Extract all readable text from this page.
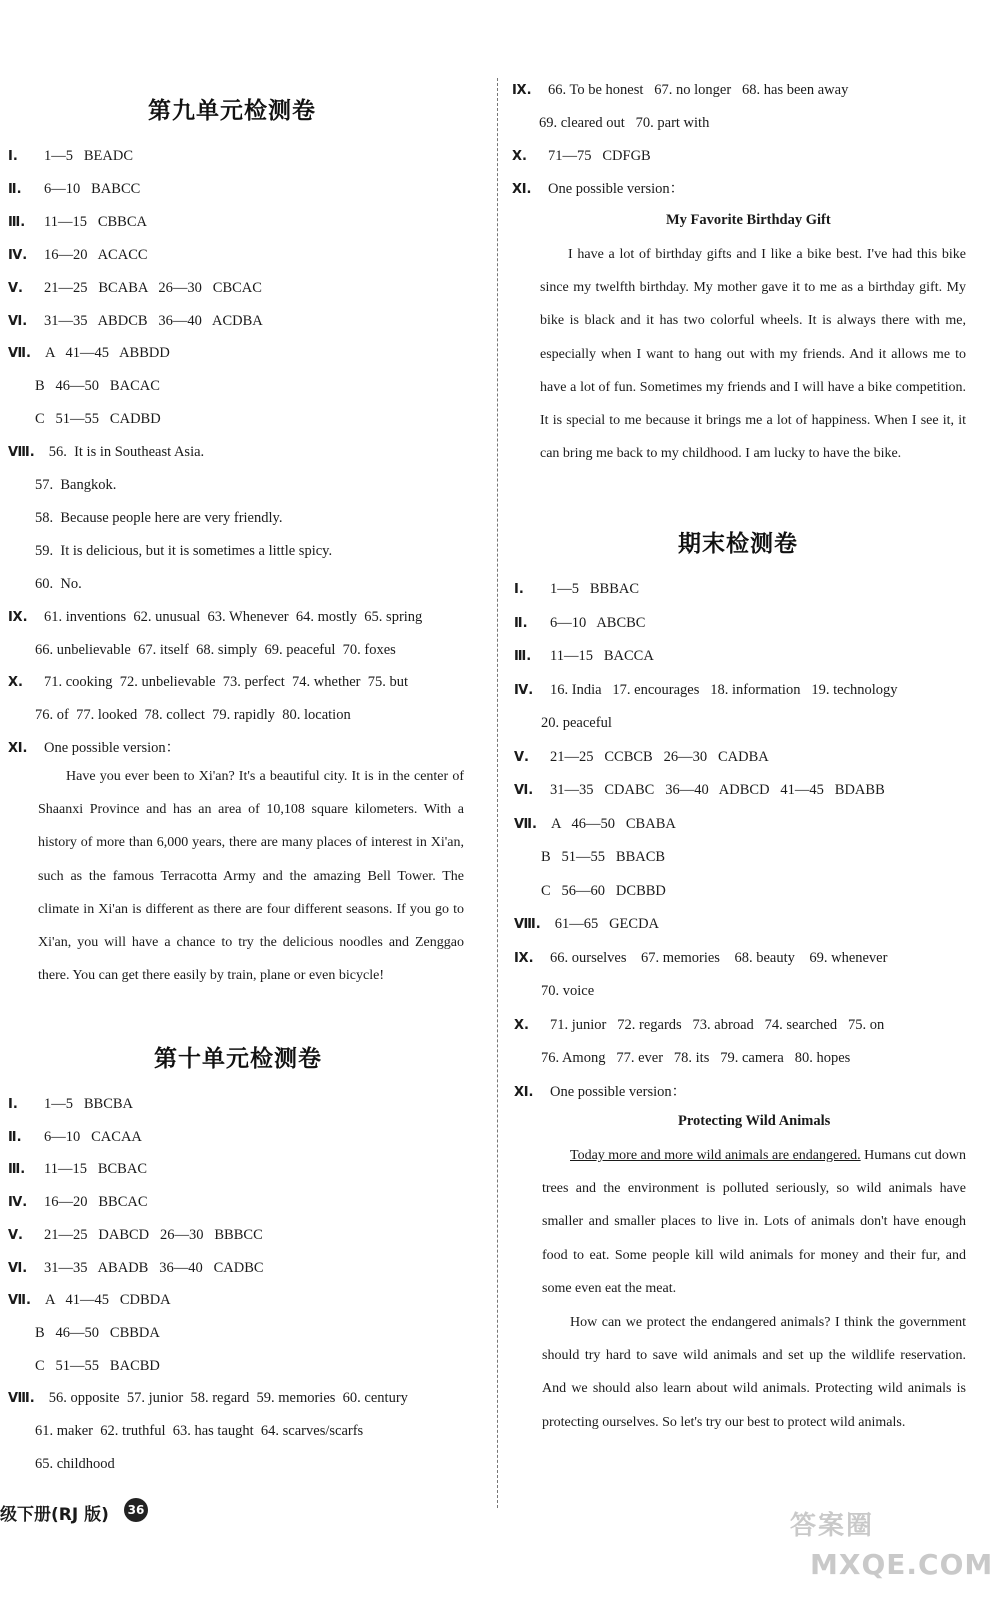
第九单元检测卷
Ⅰ. 1—5   BEADC
Ⅱ. 6—10   BABCC
Ⅲ. 11—15   CBBCA
Ⅳ. 16—20   ACACC
Ⅴ. 21—25   BCABA   26—30   CBCAC
Ⅵ. 31—35   ABDCB   36—40   ACDBA
Ⅶ. A   41—45   ABBDD
B   46—50   BACAC
C   51—55   CADBD
Ⅷ. 56.  It is in Southeast Asia.
57.  Bangkok.
58.  Because people here are very friendly.
59.  It is delicious, but it is sometimes a little spicy.
60.  No.
Ⅸ. 61. inventions  62. unusual  63. Whenever  64. mostly  65. spring
66. unbelievable  67. itself  68. simply  69. peaceful  70. foxes
Ⅹ. 71. cooking  72. unbelievable  73. perfect  74. whether  75. but
76. of  77. looked  78. collect  79. rapidly  80. location
Ⅺ. One possible version：
Have you ever been to Xi'an? It's a beautiful city. It is in the center of Shaanxi Province and has an area of 10,108 square kilometers. With a history of more than 6,000 years, there are many places of interest in Xi'an, such as the famous Terracotta Army and the amazing Bell Tower. The climate in Xi'an is different as there are four different seasons. If you go to Xi'an, you will have a chance to try the delicious noodles and Zenggao there. You can get there easily by train, plane or even bicycle!
第十单元检测卷
Ⅰ. 1—5   BBCBA
Ⅱ. 6—10   CACAA
Ⅲ. 11—15   BCBAC
Ⅳ. 16—20   BBCAC
Ⅴ. 21—25   DABCD   26—30   BBBCC
Ⅵ. 31—35   ABADB   36—40   CADBC
Ⅶ. A   41—45   CDBDA
B   46—50   CBBDA
C   51—55   BACBD
Ⅷ. 56. opposite  57. junior  58. regard  59. memories  60. century
61. maker  62. truthful  63. has taught  64. scarves/scarfs
65. childhood
Ⅸ. 66. To be honest   67. no longer   68. has been away
69. cleared out   70. part with
Ⅹ. 71—75   CDFGB
Ⅺ. One possible version：
My Favorite Birthday Gift
I have a lot of birthday gifts and I like a bike best. I've had this bike since my twelfth birthday. My mother gave it to me as a birthday gift. My bike is black and it has two colorful wheels. It is always there with me, especially when I want to hang out with my friends. And it allows me to have a lot of fun. Sometimes my friends and I will have a bike competition. It is special to me because it brings me a lot of happiness. When I see it, it can bring me back to my childhood. I am lucky to have the bike.
期末检测卷
Ⅰ. 1—5   BBBAC
Ⅱ. 6—10   ABCBC
Ⅲ. 11—15   BACCA
Ⅳ. 16. India   17. encourages   18. information   19. technology
20. peaceful
Ⅴ. 21—25   CCBCB   26—30   CADBA
Ⅵ. 31—35   CDABC   36—40   ADBCD   41—45   BDABB
Ⅶ. A   46—50   CBABA
B   51—55   BBACB
C   56—60   DCBBD
Ⅷ. 61—65   GECDA
Ⅸ. 66. ourselves    67. memories    68. beauty    69. whenever
70. voice
Ⅹ. 71. junior   72. regards   73. abroad   74. searched   75. on
76. Among   77. ever   78. its   79. camera   80. hopes
Ⅺ. One possible version：
Protecting Wild Animals
Today more and more wild animals are endangered. Humans cut down trees and the environment is polluted seriously, so wild animals have smaller and smaller places to live in. Lots of animals don't have enough food to eat. Some people kill wild animals for money and their fur, and some even eat the meat.
How can we protect the endangered animals? I think the government should try hard to save wild animals and set up the wildlife reservation. And we should also learn about wild animals. Protecting wild animals is protecting ourselves. So let's try our best to protect wild animals.
级下册(RJ 版)	36
答案圈
MXQE.COM
